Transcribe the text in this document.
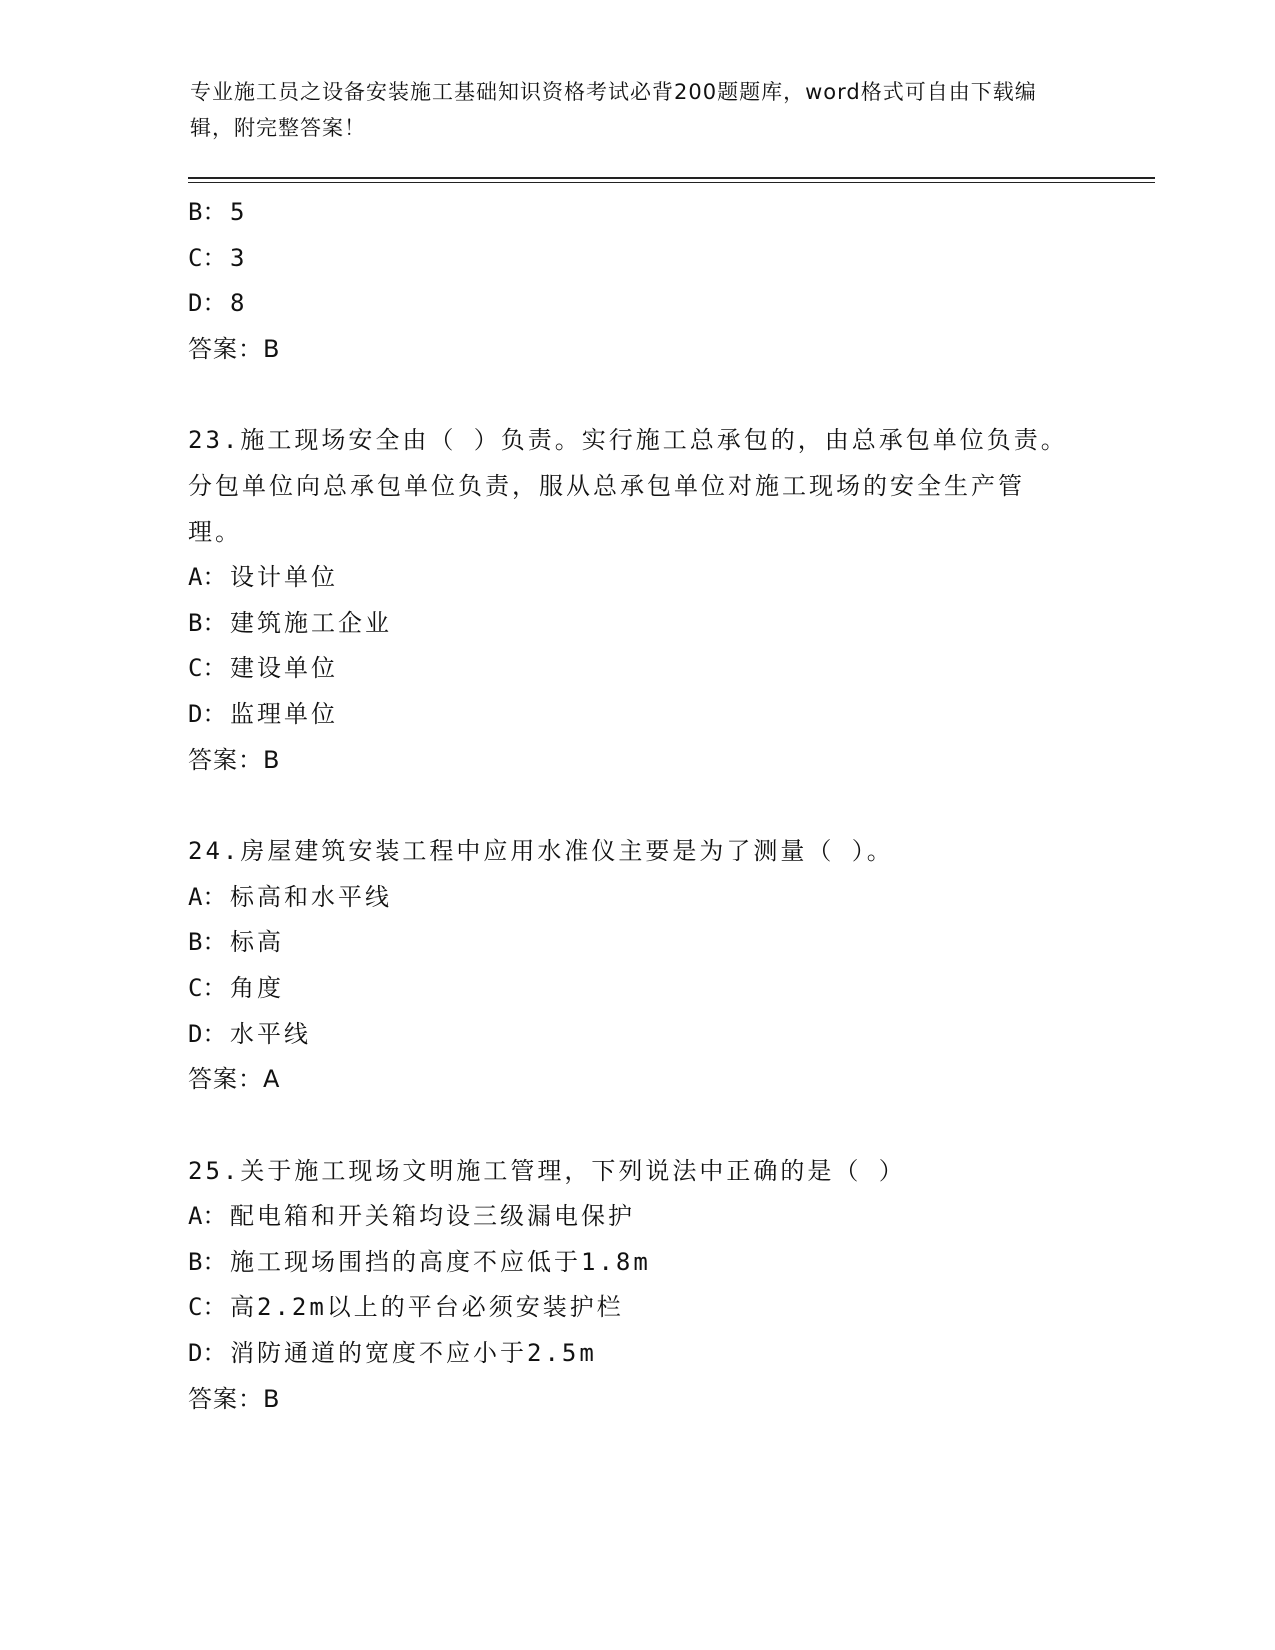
专业施工员之设备安装施工基础知识资格考试必背200题题库，word格式可自由下载编辑，附完整答案！
B： 5
C： 3
D： 8
答案：B
23.施工现场安全由（ ）负责。实行施工总承包的，由总承包单位负责。分包单位向总承包单位负责，服从总承包单位对施工现场的安全生产管理。
A： 设计单位
B： 建筑施工企业
C： 建设单位
D： 监理单位
答案：B
24.房屋建筑安装工程中应用水准仪主要是为了测量（ ）。
A： 标高和水平线
B： 标高
C： 角度
D： 水平线
答案：A
25.关于施工现场文明施工管理，下列说法中正确的是（ ）
A： 配电箱和开关箱均设三级漏电保护
B： 施工现场围挡的高度不应低于1.8m
C： 高2.2m以上的平台必须安装护栏
D： 消防通道的宽度不应小于2.5m
答案：B
